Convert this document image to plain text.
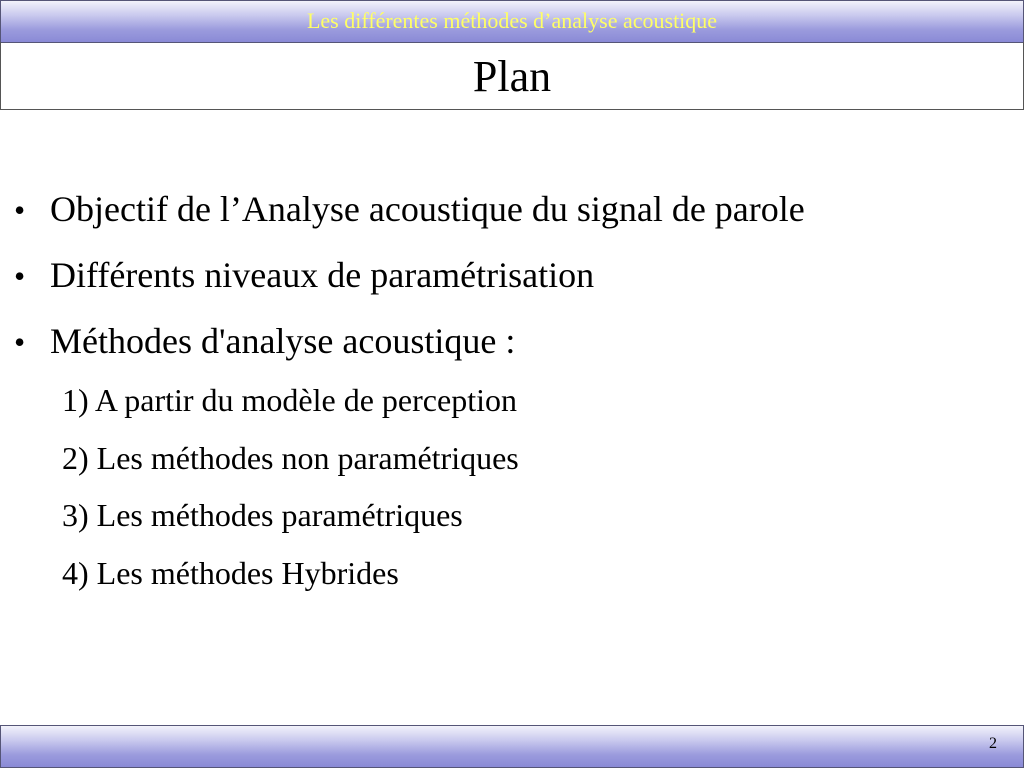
Les différentes méthodes d’analyse acoustique
Plan
• Objectif de l’Analyse acoustique du signal de parole
• Différents niveaux de paramétrisation
• Méthodes d'analyse acoustique :
1) A partir du modèle de perception
2) Les méthodes non paramétriques
3) Les méthodes paramétriques
4) Les méthodes Hybrides
2
